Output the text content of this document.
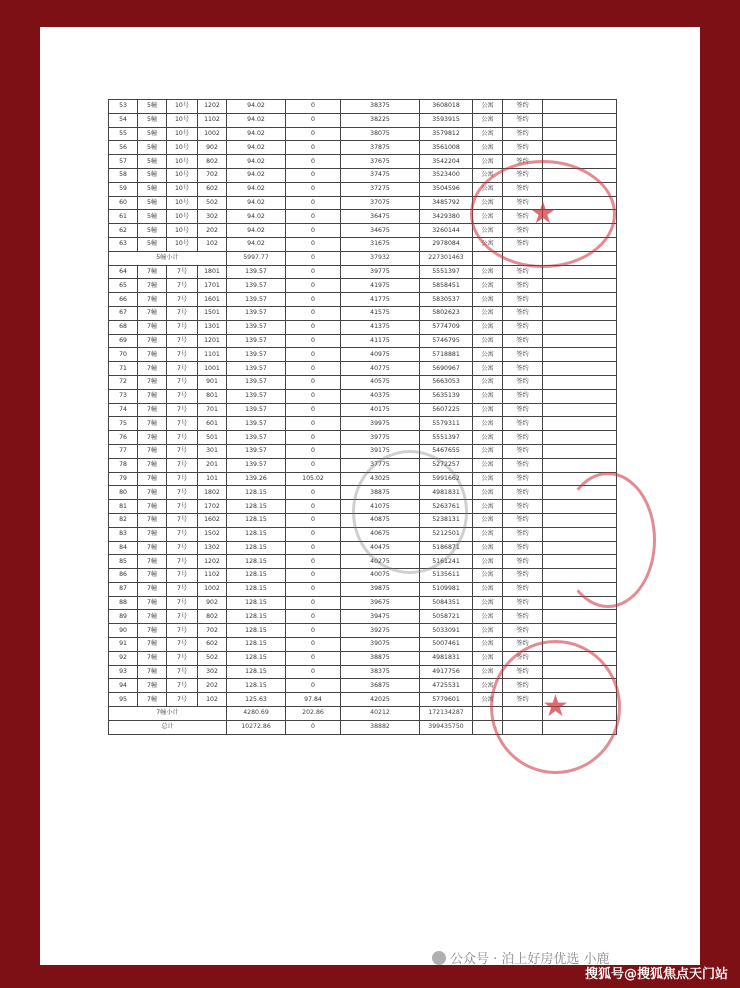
53	5幢	10号	1202	94.02	0	38375	3608018	公寓	签约	
54	5幢	10号	1102	94.02	0	38225	3593915	公寓	签约	
55	5幢	10号	1002	94.02	0	38075	3579812	公寓	签约	
56	5幢	10号	902	94.02	0	37875	3561008	公寓	签约	
57	5幢	10号	802	94.02	0	37675	3542204	公寓	签约	
58	5幢	10号	702	94.02	0	37475	3523400	公寓	签约	
59	5幢	10号	602	94.02	0	37275	3504596	公寓	签约	
60	5幢	10号	502	94.02	0	37075	3485792	公寓	签约	
61	5幢	10号	302	94.02	0	36475	3429380	公寓	签约	
62	5幢	10号	202	94.02	0	34675	3260144	公寓	签约	
63	5幢	10号	102	94.02	0	31675	2978084	公寓	签约	
5幢小计				5997.77	0	37932	227301463			
64	7幢	7号	1801	139.57	0	39775	5551397	公寓	签约	
65	7幢	7号	1701	139.57	0	41975	5858451	公寓	签约	
66	7幢	7号	1601	139.57	0	41775	5830537	公寓	签约	
67	7幢	7号	1501	139.57	0	41575	5802623	公寓	签约	
68	7幢	7号	1301	139.57	0	41375	5774709	公寓	签约	
69	7幢	7号	1201	139.57	0	41175	5746795	公寓	签约	
70	7幢	7号	1101	139.57	0	40975	5718881	公寓	签约	
71	7幢	7号	1001	139.57	0	40775	5690967	公寓	签约	
72	7幢	7号	901	139.57	0	40575	5663053	公寓	签约	
73	7幢	7号	801	139.57	0	40375	5635139	公寓	签约	
74	7幢	7号	701	139.57	0	40175	5607225	公寓	签约	
75	7幢	7号	601	139.57	0	39975	5579311	公寓	签约	
76	7幢	7号	501	139.57	0	39775	5551397	公寓	签约	
77	7幢	7号	301	139.57	0	39175	5467655	公寓	签约	
78	7幢	7号	201	139.57	0	37775	5272257	公寓	签约	
79	7幢	7号	101	139.26	105.02	43025	5991662	公寓	签约	
80	7幢	7号	1802	128.15	0	38875	4981831	公寓	签约	
81	7幢	7号	1702	128.15	0	41075	5263761	公寓	签约	
82	7幢	7号	1602	128.15	0	40875	5238131	公寓	签约	
83	7幢	7号	1502	128.15	0	40675	5212501	公寓	签约	
84	7幢	7号	1302	128.15	0	40475	5186871	公寓	签约	
85	7幢	7号	1202	128.15	0	40275	5161241	公寓	签约	
86	7幢	7号	1102	128.15	0	40075	5135611	公寓	签约	
87	7幢	7号	1002	128.15	0	39875	5109981	公寓	签约	
88	7幢	7号	902	128.15	0	39675	5084351	公寓	签约	
89	7幢	7号	802	128.15	0	39475	5058721	公寓	签约	
90	7幢	7号	702	128.15	0	39275	5033091	公寓	签约	
91	7幢	7号	602	128.15	0	39075	5007461	公寓	签约	
92	7幢	7号	502	128.15	0	38875	4981831	公寓	签约	
93	7幢	7号	302	128.15	0	38375	4917756	公寓	签约	
94	7幢	7号	202	128.15	0	36875	4725531	公寓	签约	
95	7幢	7号	102	125.63	97.84	42025	5779601	公寓	签约	
7幢小计				4280.69	202.86	40212	172134287			
总计				10272.86	0	38882	399435750			
★
★
公众号 · 泊上好房优选 小鹿
搜狐号@搜狐焦点天门站
